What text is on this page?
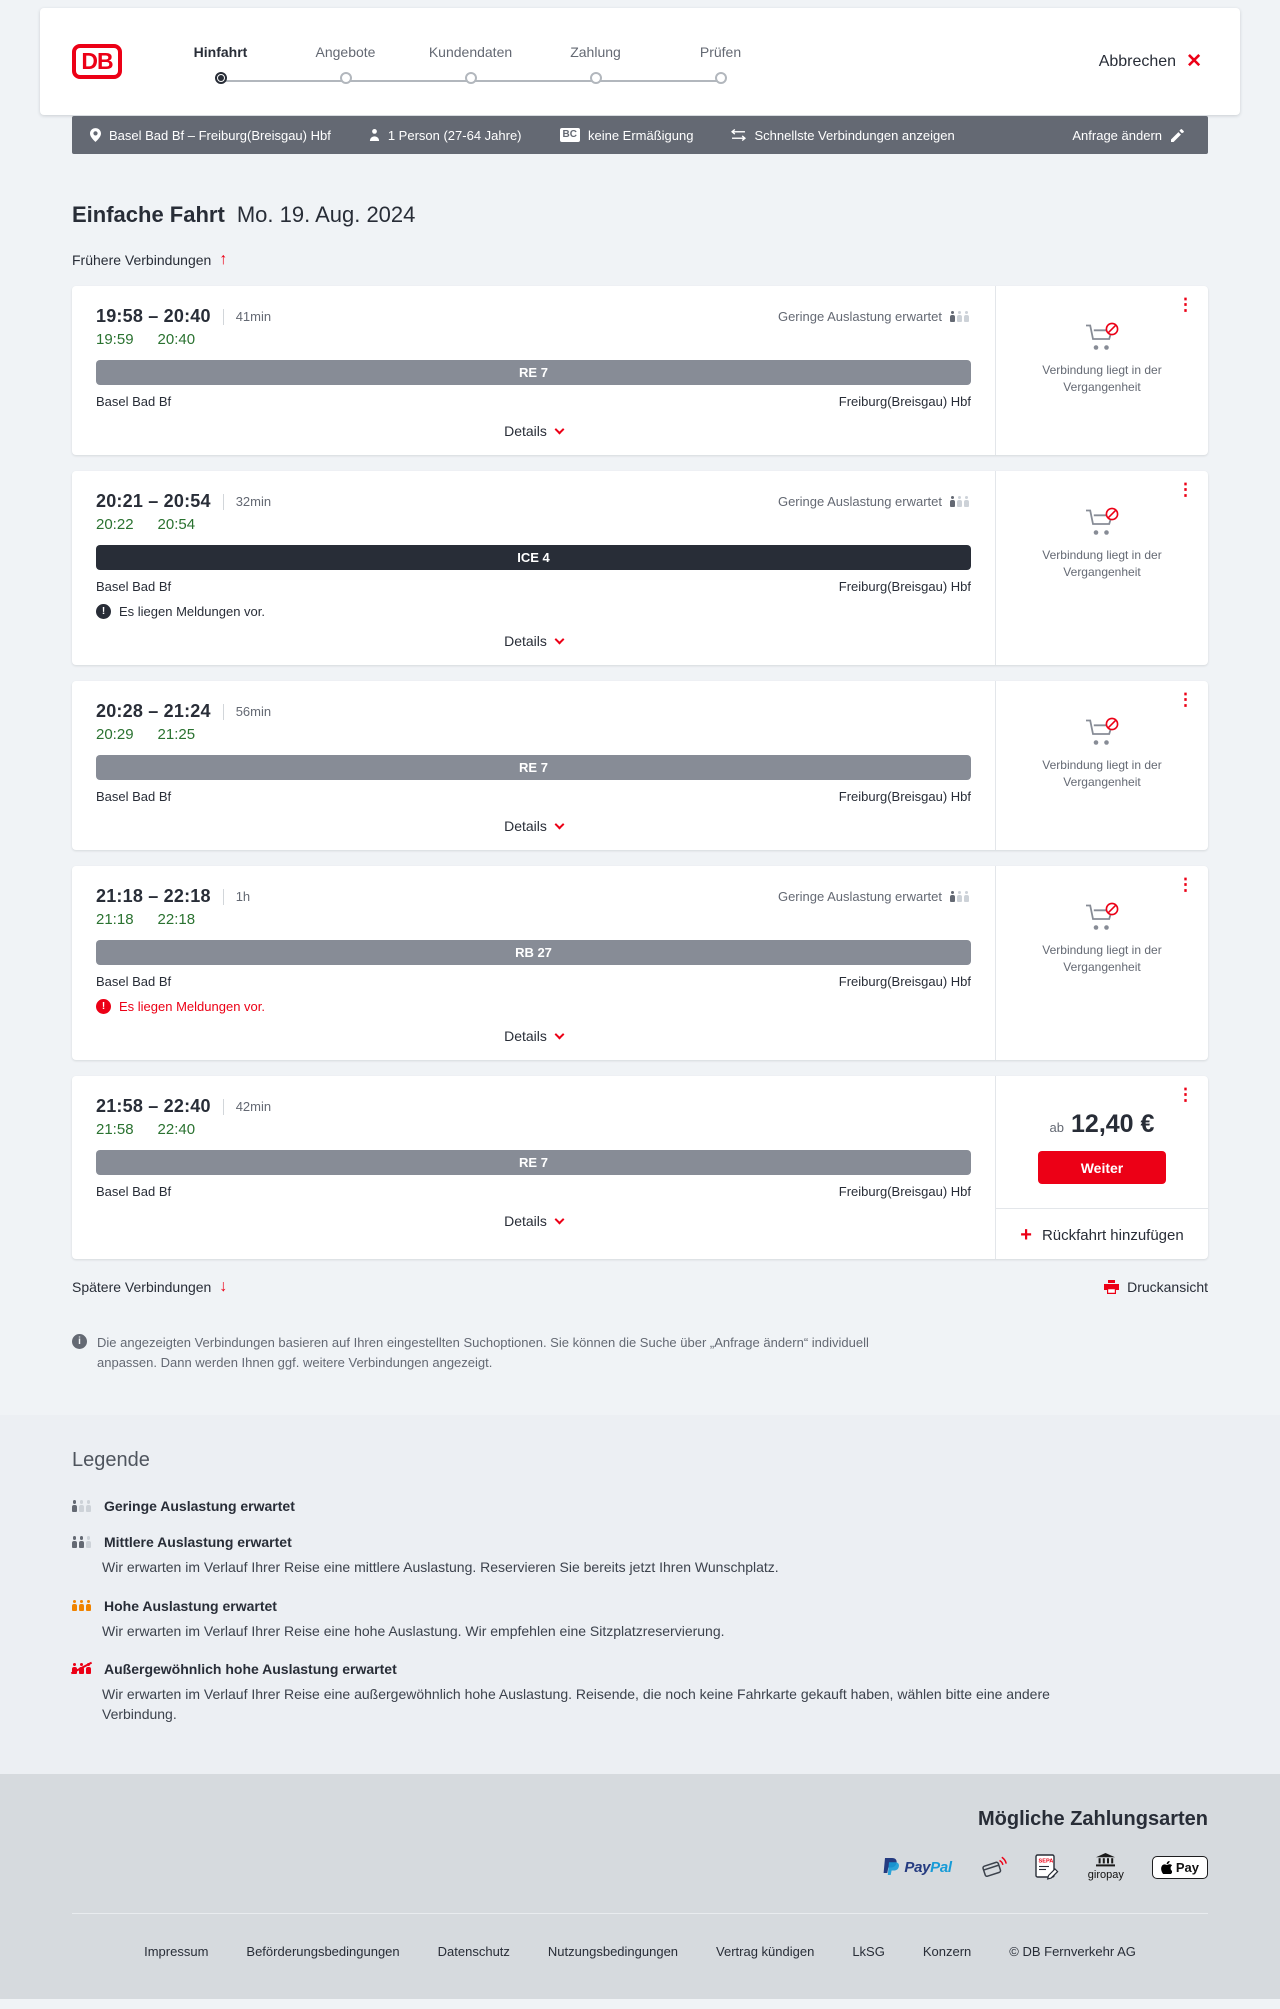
DB	Hinfahrt	Angebote	Kundendaten	Zahlung	Prüfen
Abbrechen ✕
Basel Bad Bf – Freiburg(Breisgau) Hbf	1 Person (27-64 Jahre)	BC keine Ermäßigung	Schnellste Verbindungen anzeigen	Anfrage ändern
Einfache Fahrt Mo. 19. Aug. 2024
Frühere Verbindungen ↑
19:58 – 20:40 41min	Geringe Auslastung erwartet
19:59 20:40
RE 7
Basel Bad Bf	Freiburg(Breisgau) Hbf
Details
⋮

Verbindung liegt in der Vergangenheit

20:21 – 20:54 32min	Geringe Auslastung erwartet
20:22 20:54
ICE 4
Basel Bad Bf	Freiburg(Breisgau) Hbf
!	Es liegen Meldungen vor.
Details
⋮

Verbindung liegt in der Vergangenheit

20:28 – 21:24 56min
20:29 21:25
RE 7
Basel Bad Bf	Freiburg(Breisgau) Hbf
Details
⋮

Verbindung liegt in der Vergangenheit

21:18 – 22:18 1h	Geringe Auslastung erwartet
21:18 22:18
RB 27
Basel Bad Bf	Freiburg(Breisgau) Hbf
!	Es liegen Meldungen vor.
Details
⋮

Verbindung liegt in der Vergangenheit

21:58 – 22:40 42min
21:58 22:40
RE 7
Basel Bad Bf	Freiburg(Breisgau) Hbf
Details
⋮
ab 12,40 €
Weiter
+ Rückfahrt hinzufügen
Spätere Verbindungen ↓	Druckansicht
i	Die angezeigten Verbindungen basieren auf Ihren eingestellten Suchoptionen. Sie können die Suche über „Anfrage ändern“ individuell anpassen. Dann werden Ihnen ggf. weitere Verbindungen angezeigt.

Legende
Geringe Auslastung erwartet
Mittlere Auslastung erwartet

Wir erwarten im Verlauf Ihrer Reise eine mittlere Auslastung. Reservieren Sie bereits jetzt Ihren Wunschplatz.

Hohe Auslastung erwartet

Wir erwarten im Verlauf Ihrer Reise eine hohe Auslastung. Wir empfehlen eine Sitzplatzreservierung.

Außergewöhnlich hohe Auslastung erwartet

Wir erwarten im Verlauf Ihrer Reise eine außergewöhnlich hohe Auslastung. Reisende, die noch keine Fahrkarte gekauft haben, wählen bitte eine andere Verbindung.

Mögliche Zahlungsarten
PayPal	SEPA
giropay
Pay
Impressum	Beförderungsbedingungen	Datenschutz	Nutzungsbedingungen	Vertrag kündigen	LkSG	Konzern	© DB Fernverkehr AG
